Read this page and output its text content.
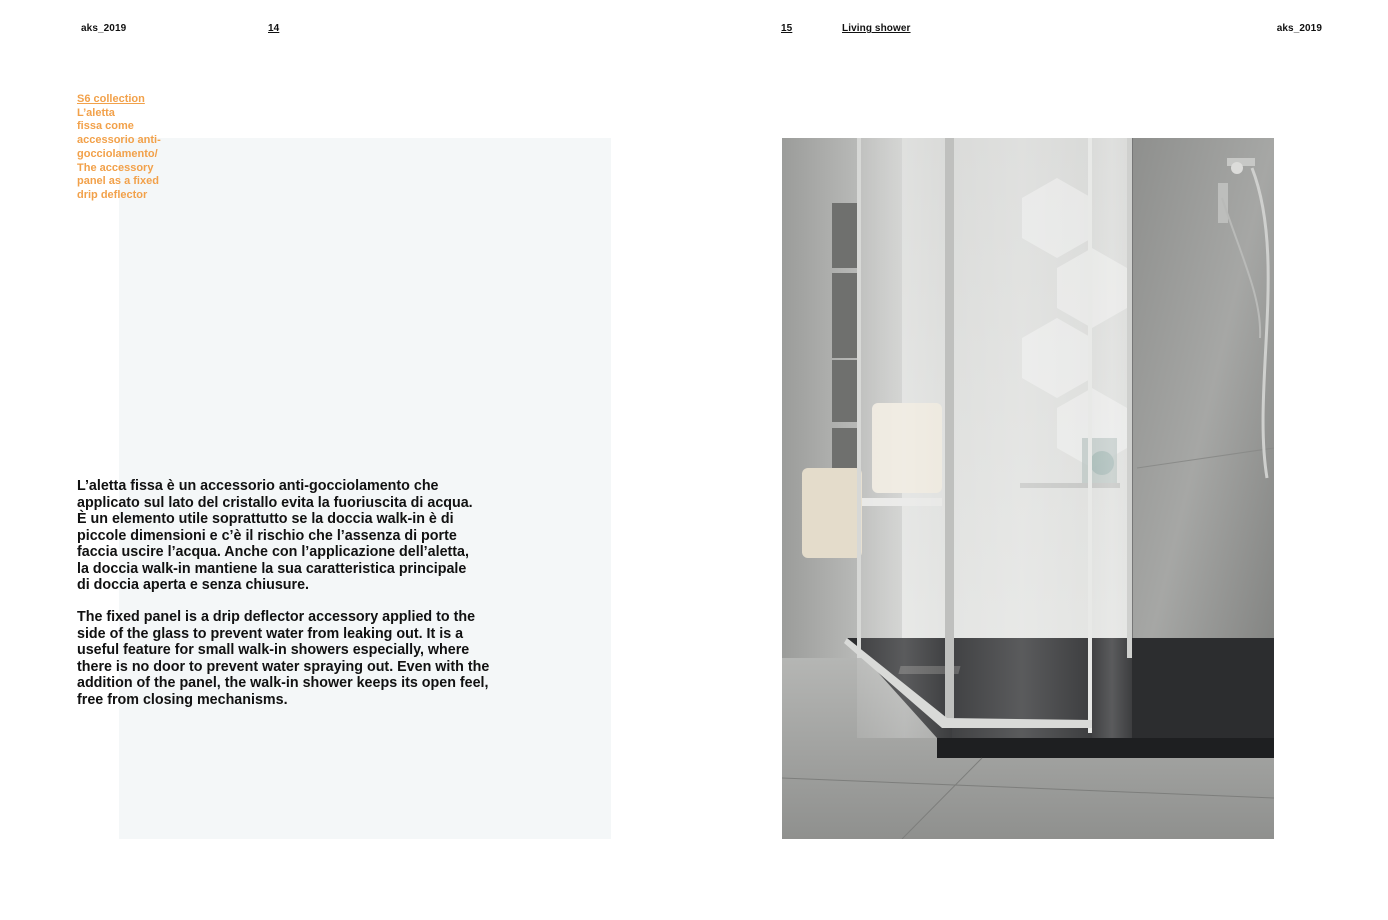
aks_2019	14	15	Living shower	aks_2019
S6 collection
L’aletta
fissa come
accessorio anti-
gocciolamento/
The accessory
panel as a fixed
drip deflector

L’aletta fissa è un accessorio anti-gocciolamento che
applicato sul lato del cristallo evita la fuoriuscita di acqua.
È un elemento utile soprattutto se la doccia walk-in è di
piccole dimensioni e c’è il rischio che l’assenza di porte
faccia uscire l’acqua. Anche con l’applicazione dell’aletta,
la doccia walk-in mantiene la sua caratteristica principale
di doccia aperta e senza chiusure.

The fixed panel is a drip deflector accessory applied to the
side of the glass to prevent water from leaking out. It is a
useful feature for small walk-in showers especially, where
there is no door to prevent water spraying out. Even with the
addition of the panel, the walk-in shower keeps its open feel,
free from closing mechanisms.
